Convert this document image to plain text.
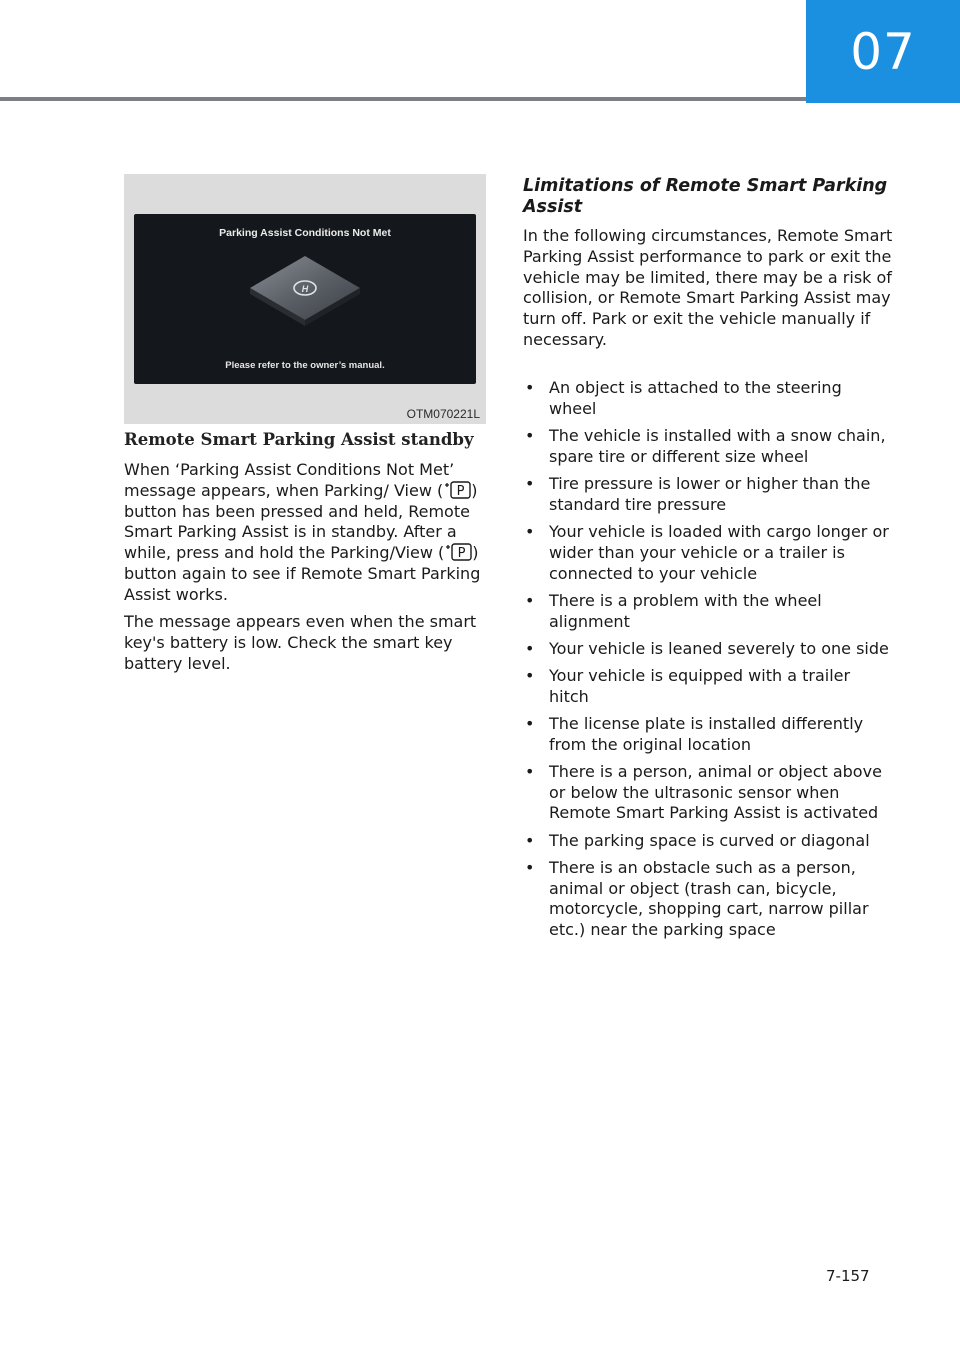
07
Parking Assist Conditions Not Met
H
Please refer to the owner’s manual.
OTM070221L
Remote Smart Parking Assist standby

When ‘Parking Assist Conditions Not Met’ message appears, when Parking/ View ( P ) button has been pressed and held, Remote Smart Parking Assist is in standby. After a while, press and hold the Parking/View ( P ) button again to see if Remote Smart Parking Assist works.

The message appears even when the smart key's battery is low. Check the smart key battery level.

Limitations of Remote Smart Parking Assist

In the following circumstances, Remote Smart Parking Assist performance to park or exit the vehicle may be limited, there may be a risk of collision, or Remote Smart Parking Assist may turn off. Park or exit the vehicle manually if necessary.

• An object is attached to the steering wheel
• The vehicle is installed with a snow chain, spare tire or different size wheel
• Tire pressure is lower or higher than the standard tire pressure
• Your vehicle is loaded with cargo longer or wider than your vehicle or a trailer is connected to your vehicle
• There is a problem with the wheel alignment
• Your vehicle is leaned severely to one side
• Your vehicle is equipped with a trailer hitch
• The license plate is installed differently from the original location
• There is a person, animal or object above or below the ultrasonic sensor when Remote Smart Parking Assist is activated
• The parking space is curved or diagonal
• There is an obstacle such as a person, animal or object (trash can, bicycle, motorcycle, shopping cart, narrow pillar etc.) near the parking space
7-157
